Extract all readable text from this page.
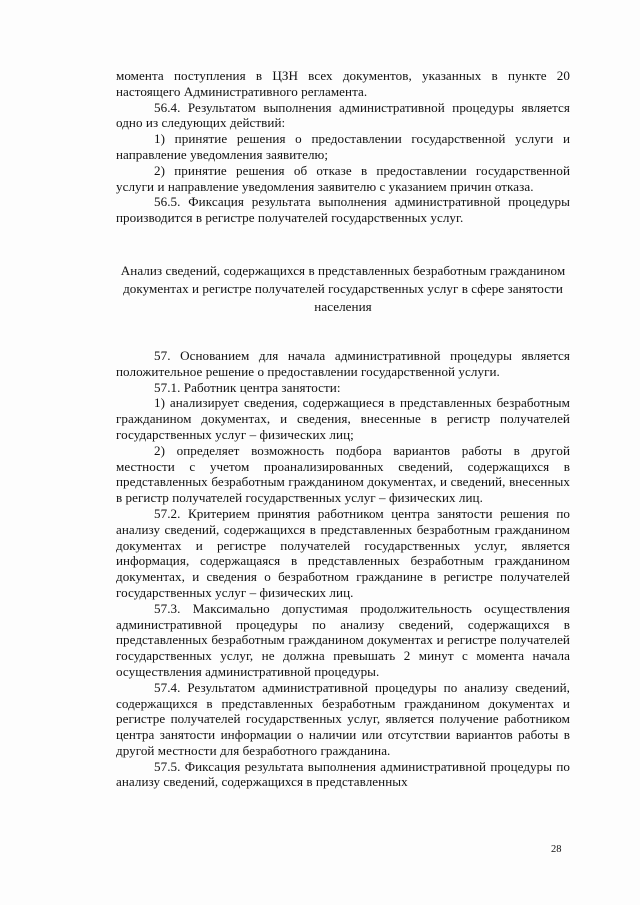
момента поступления в ЦЗН всех документов, указанных в пункте 20 настоящего Административного регламента.

56.4. Результатом выполнения административной процедуры является одно из следующих действий:

1) принятие решения о предоставлении государственной услуги и направление уведомления заявителю;

2) принятие решения об отказе в предоставлении государственной услуги и направление уведомления заявителю с указанием причин отказа.

56.5. Фиксация результата выполнения административной процедуры производится в регистре получателей государственных услуг.

Анализ сведений, содержащихся в представленных безработным гражданином документах и регистре получателей государственных услуг в сфере занятости населения

57. Основанием для начала административной процедуры является положительное решение о предоставлении государственной услуги.

57.1. Работник центра занятости:

1) анализирует сведения, содержащиеся в представленных безработным гражданином документах, и сведения, внесенные в регистр получателей государственных услуг – физических лиц;

2) определяет возможность подбора вариантов работы в другой местности с учетом проанализированных сведений, содержащихся в представленных безработным гражданином документах, и сведений, внесенных в регистр получателей государственных услуг – физических лиц.

57.2. Критерием принятия работником центра занятости решения по анализу сведений, содержащихся в представленных безработным гражданином документах и регистре получателей государственных услуг, является информация, содержащаяся в представленных безработным гражданином документах, и сведения о безработном гражданине в регистре получателей государственных услуг – физических лиц.

57.3. Максимально допустимая продолжительность осуществления административной процедуры по анализу сведений, содержащихся в представленных безработным гражданином документах и регистре получателей государственных услуг, не должна превышать 2 минут с момента начала осуществления административной процедуры.

57.4. Результатом административной процедуры по анализу сведений, содержащихся в представленных безработным гражданином документах и регистре получателей государственных услуг, является получение работником центра занятости информации о наличии или отсутствии вариантов работы в другой местности для безработного гражданина.

57.5. Фиксация результата выполнения административной процедуры по анализу сведений, содержащихся в представленных

28
